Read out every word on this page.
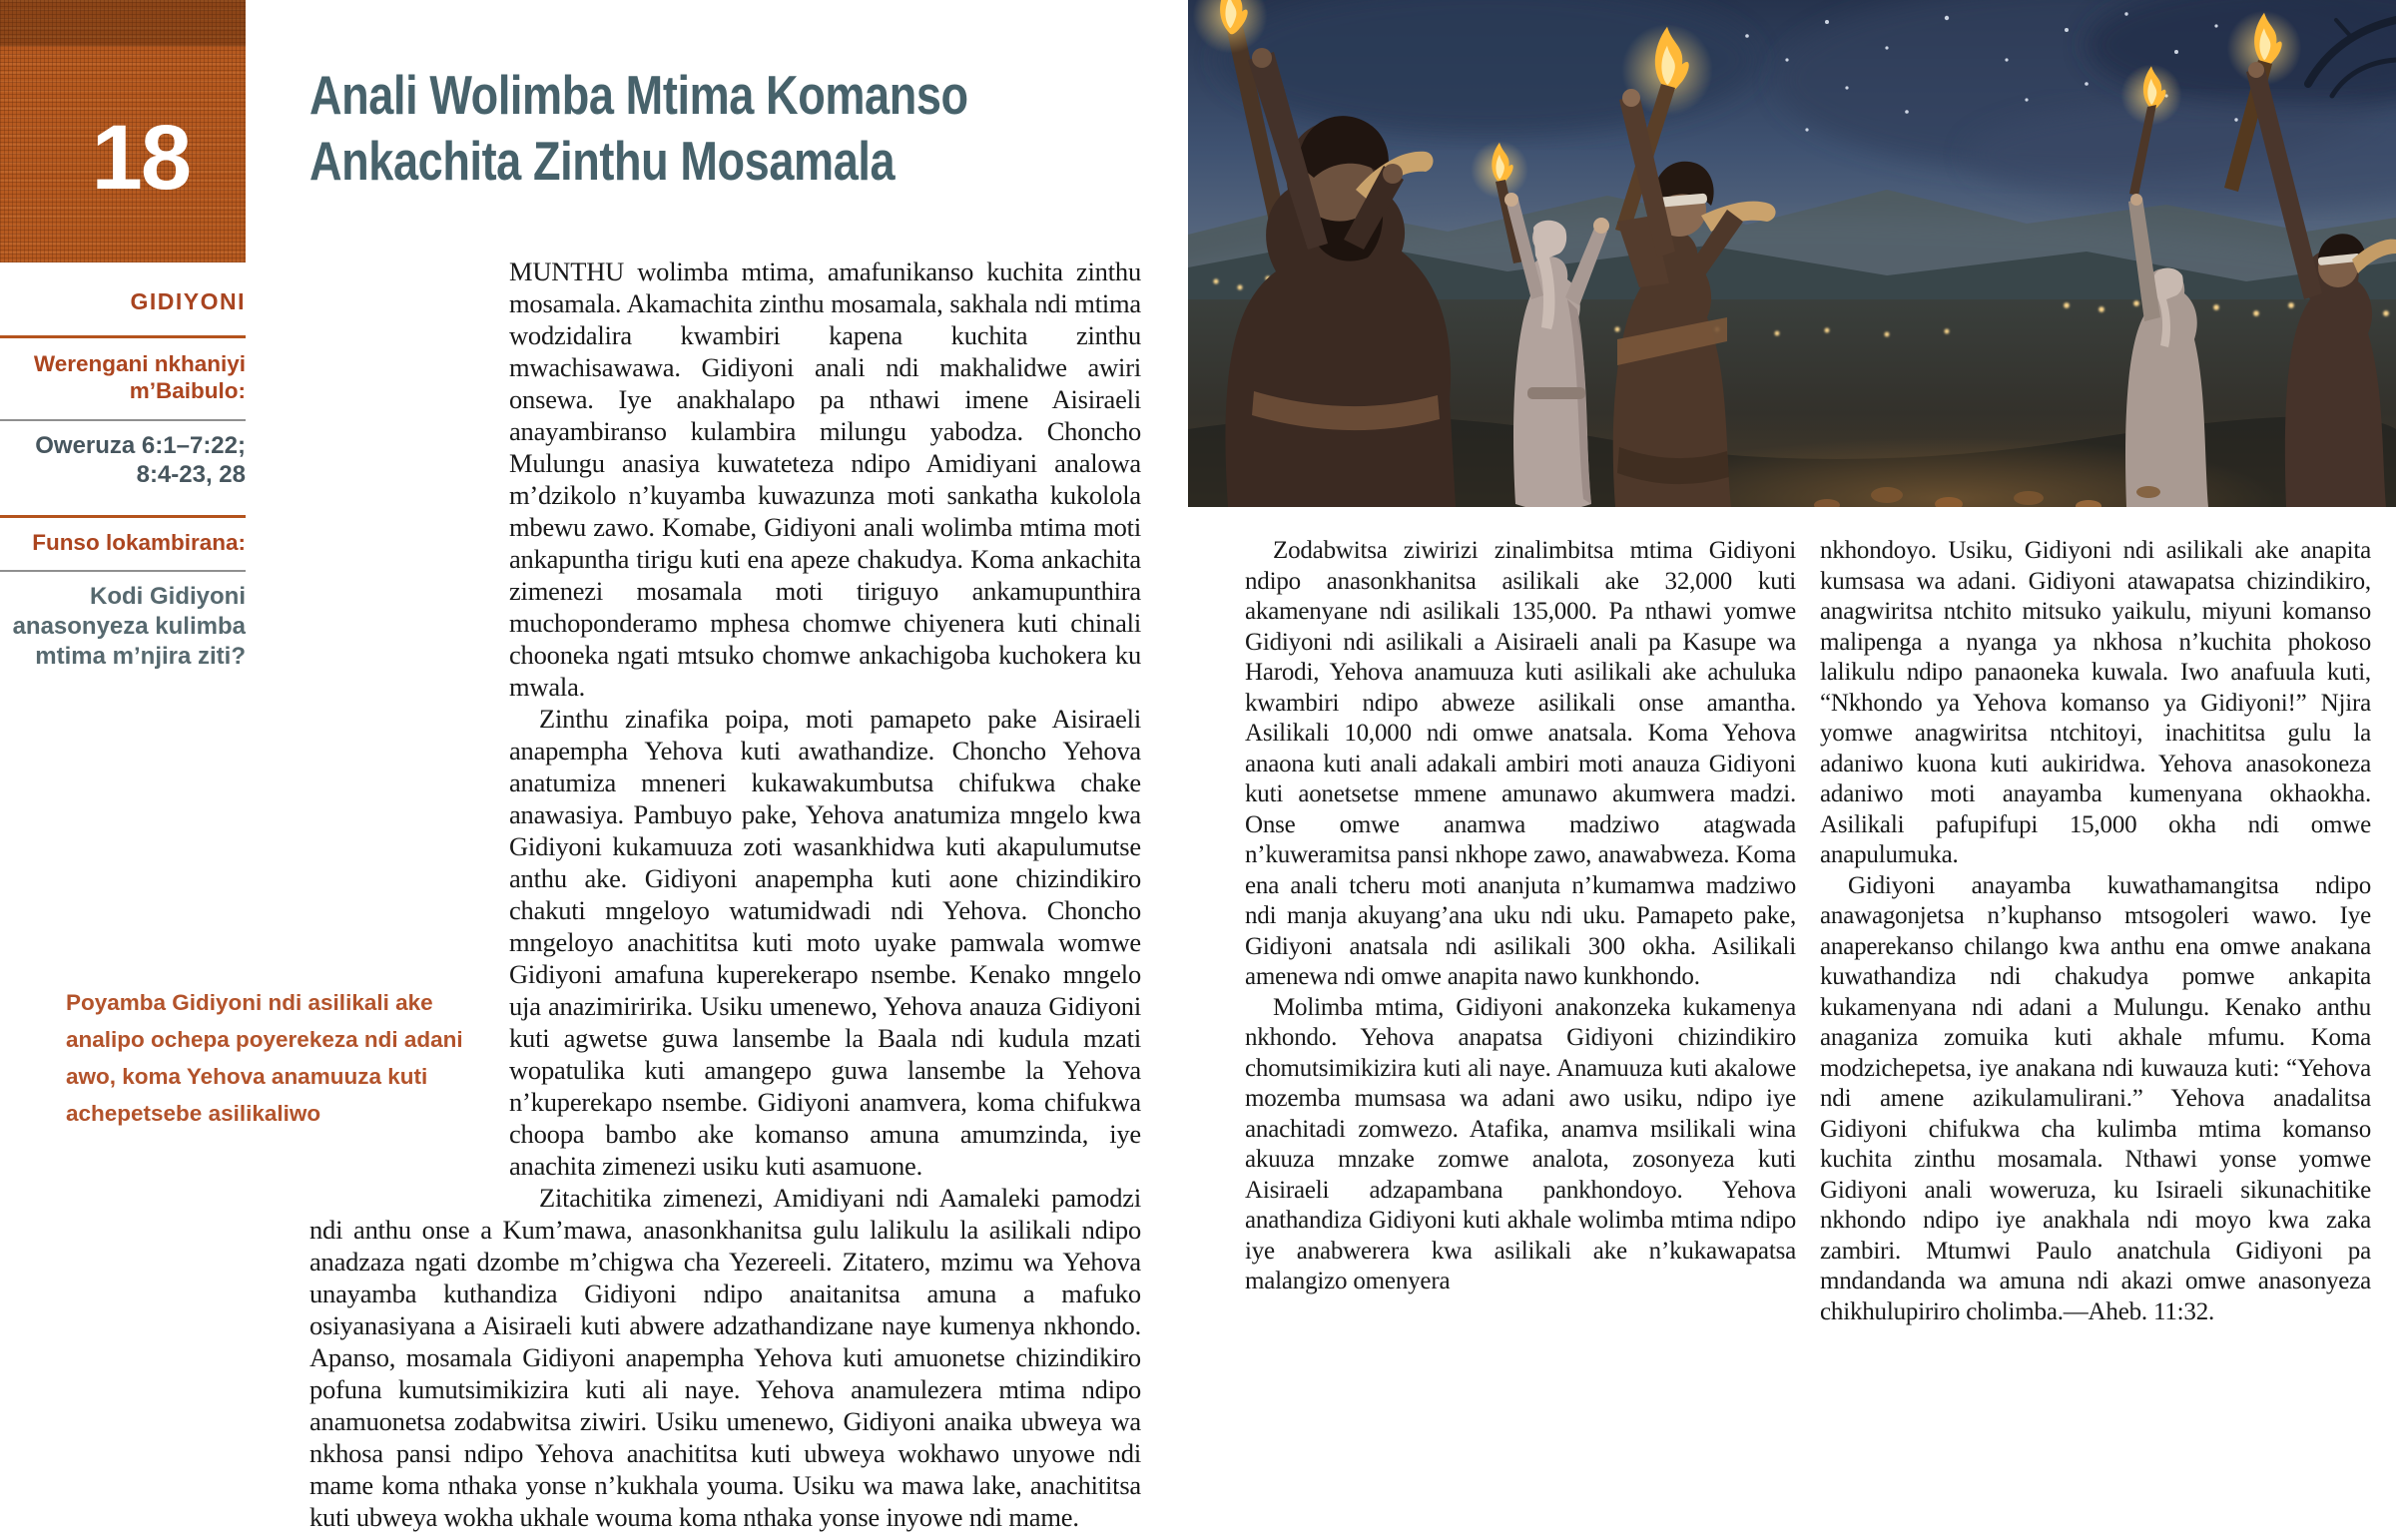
18
GIDIYONI
Werengani nkhaniyi
m’Baibulo:
Oweruza 6:1–7:22;
8:4-23, 28
Funso lokambirana:
Kodi Gidiyoni anasonyeza kulimba mtima m’njira ziti?
Anali Wolimba Mtima Komanso Ankachita Zinthu Mosamala

MUNTHU wolimba mtima, amafunikanso kuchita zinthu mosamala. Akamachita zinthu mosamala, sakhala ndi mtima wodzidalira kwambiri kapena kuchita zinthu mwachisawawa. Gidiyoni anali ndi makhalidwe awiri onsewa. Iye anakhalapo pa nthawi imene Aisiraeli anayambiranso kulambira milungu yabodza. Choncho Mulungu anasiya kuwateteza ndipo Amidiyani analowa m’dzikolo n’kuyamba kuwazunza moti sankatha kukolola mbewu zawo. Komabe, Gidiyoni anali wolimba mtima moti ankapuntha tirigu kuti ena apeze chakudya. Koma ankachita zimenezi mosamala moti tiriguyo ankamupunthira muchoponderamo mphesa chomwe chiyenera kuti chinali chooneka ngati mtsuko chomwe ankachigoba kuchokera ku mwala.

Zinthu zinafika poipa, moti pamapeto pake Aisiraeli anapempha Yehova kuti awathandize. Choncho Yehova anatumiza mneneri kukawakumbutsa chifukwa chake anawasiya. Pambuyo pake, Yehova anatumiza mngelo kwa Gidiyoni kukamuuza zoti wasankhidwa kuti akapulumutse anthu ake. Gidiyoni anapempha kuti aone chizindikiro chakuti mngeloyo watumidwadi ndi Yehova. Choncho mngeloyo anachititsa kuti moto uyake pamwala womwe Gidiyoni amafuna kuperekerapo nsembe. Kenako mngelo uja anazimiririka. Usiku umenewo, Yehova anauza Gidiyoni kuti agwetse guwa lansembe la Baala ndi kudula mzati wopatulika kuti amangepo guwa lansembe la Yehova n’kuperekapo nsembe. Gidiyoni anamvera, koma chifukwa choopa bambo ake komanso amuna amumzinda, iye anachita zimenezi usiku kuti asamuone.

Zitachitika zimenezi, Amidiyani ndi Aamaleki pamodzi ndi anthu onse a Kum’mawa, anasonkhanitsa gulu lalikulu la asilikali ndipo anadzaza ngati dzombe m’chigwa cha Yezereeli. Zitatero, mzimu wa Yehova unayamba kuthandiza Gidiyoni ndipo anaitanitsa amuna a mafuko osiyanasiyana a Aisiraeli kuti abwere adzathandizane naye kumenya nkhondo. Apanso, mosamala Gidiyoni anapempha Yehova kuti amuonetse chizindikiro pofuna kumutsimikizira kuti ali naye. Yehova anamulezera mtima ndipo anamuonetsa zodabwitsa ziwiri. Usiku umenewo, Gidiyoni anaika ubweya wa nkhosa pansi ndipo Yehova anachititsa kuti ubweya wokhawo unyowe ndi mame koma nthaka yonse n’kukhala youma. Usiku wa mawa lake, anachititsa kuti ubweya wokha ukhale wouma koma nthaka yonse inyowe ndi mame.

Poyamba Gidiyoni ndi asilikali ake analipo ochepa poyerekeza ndi adani awo, koma Yehova anamuuza kuti achepetsebe asilikaliwo

Zodabwitsa ziwirizi zinalimbitsa mtima Gidiyoni ndipo anasonkhanitsa asilikali ake 32,000 kuti akamenyane ndi asilikali 135,000. Pa nthawi yomwe Gidiyoni ndi asilikali a Aisiraeli anali pa Kasupe wa Harodi, Yehova anamuuza kuti asilikali ake achuluka kwambiri ndipo abweze asilikali onse amantha. Asilikali 10,000 ndi omwe anatsala. Koma Yehova anaona kuti anali adakali ambiri moti anauza Gidiyoni kuti aonetsetse mmene amunawo akumwera madzi. Onse omwe anamwa madziwo atagwada n’kuweramitsa pansi nkhope zawo, anawabweza. Koma ena anali tcheru moti ananjuta n’kumamwa madziwo ndi manja akuyang’ana uku ndi uku. Pamapeto pake, Gidiyoni anatsala ndi asilikali 300 okha. Asilikali amenewa ndi omwe anapita nawo kunkhondo.

Molimba mtima, Gidiyoni anakonzeka kukamenya nkhondo. Yehova anapatsa Gidiyoni chizindikiro chomutsimikizira kuti ali naye. Anamuuza kuti akalowe mozemba mumsasa wa adani awo usiku, ndipo iye anachitadi zomwezo. Atafika, anamva msilikali wina akuuza mnzake zomwe analota, zosonyeza kuti Aisiraeli adzapambana pankhondoyo. Yehova anathandiza Gidiyoni kuti akhale wolimba mtima ndipo iye anabwerera kwa asilikali ake n’kukawapatsa malangizo omenyera

nkhondoyo. Usiku, Gidiyoni ndi asilikali ake anapita kumsasa wa adani. Gidiyoni atawapatsa chizindikiro, anagwiritsa ntchito mitsuko yaikulu, miyuni komanso malipenga a nyanga ya nkhosa n’kuchita phokoso lalikulu ndipo panaoneka kuwala. Iwo anafuula kuti, “Nkhondo ya Yehova komanso ya Gidiyoni!” Njira yomwe anagwiritsa ntchitoyi, inachititsa gulu la adaniwo kuona kuti aukiridwa. Yehova anasokoneza adaniwo moti anayamba kumenyana okhaokha. Asilikali pafupifupi 15,000 okha ndi omwe anapulumuka.

Gidiyoni anayamba kuwathamangitsa ndipo anawagonjetsa n’kuphanso mtsogoleri wawo. Iye anaperekanso chilango kwa anthu ena omwe anakana kuwathandiza ndi chakudya pomwe ankapita kukamenyana ndi adani a Mulungu. Kenako anthu anaganiza zomuika kuti akhale mfumu. Koma modzichepetsa, iye anakana ndi kuwauza kuti: “Yehova ndi amene azikulamulirani.” Yehova anadalitsa Gidiyoni chifukwa cha kulimba mtima komanso kuchita zinthu mosamala. Nthawi yonse yomwe Gidiyoni anali woweruza, ku Isiraeli sikunachitike nkhondo ndipo iye anakhala ndi moyo kwa zaka zambiri. Mtumwi Paulo anatchula Gidiyoni pa mndandanda wa amuna ndi akazi omwe anasonyeza chikhulupiriro cholimba.—Aheb. 11:32.
